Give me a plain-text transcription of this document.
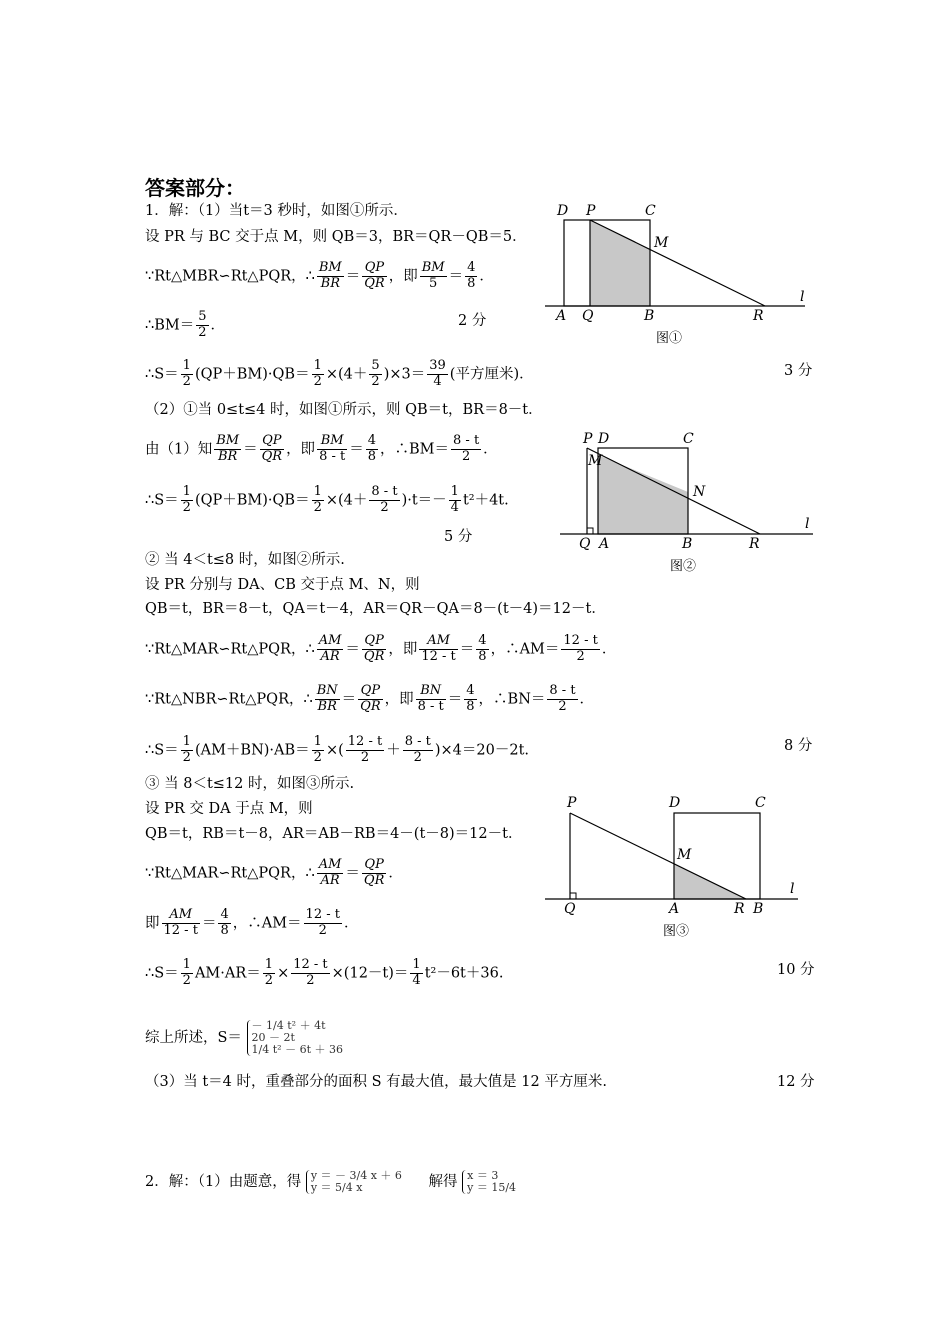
答案部分：
1．解：（1）当t＝3 秒时，如图①所示．
设 PR 与 BC 交于点 M，则 QB＝3，BR＝QR－QB＝5．
∵Rt△MBR∽Rt△PQR，∴ $\frac{BM}{BR} = \frac{QP}{QR}$ ，即 $\frac{BM}{5} = \frac{4}{8}$ ．
∴BM＝ $\frac{5}{2}$ ．	2 分
∴S＝ $\frac{1}{2} (QP+BM)\cdot QB= \frac{1}{2} \times(4+ \frac{5}{2} )\times 3= \frac{39}{4}$ (平方厘米)．	3 分
（2）①当 0≤t≤4 时，如图①所示，则 QB＝t，BR＝8－t．
由（1）知 $\frac{BM}{BR} = \frac{QP}{QR}$ ，即 $\frac{BM}{8 - t} = \frac{4}{8}$ ，∴BM＝ $\frac{8 - t}{2}$ ．
∴S＝ $\frac{1}{2} (QP+BM)\cdot QB= \frac{1}{2} \times(4+ \frac{8 - t}{2} )\cdot t=- \frac{1}{4} t^2+4t$.
5 分
② 当 4＜t≤8 时，如图②所示.
设 PR 分别与 DA、CB 交于点 M、N，则
QB＝t，BR＝8－t，QA＝t－4，AR＝QR－QA＝8－(t－4)＝12－t．
∵Rt△MAR∽Rt△PQR，∴ $\frac{AM}{AR} = \frac{QP}{QR}$ ，即 $\frac{AM}{12 - t} = \frac{4}{8}$ ，∴AM＝ $\frac{12 - t}{2}$ ．
∵Rt△NBR∽Rt△PQR，∴ $\frac{BN}{BR} = \frac{QP}{QR}$ ，即 $\frac{BN}{8 - t} = \frac{4}{8}$ ，∴BN＝ $\frac{8 - t}{2}$ ．
∴S＝ $\frac{1}{2} (AM+BN)\cdot AB= \frac{1}{2}$ ×( $\frac{12 - t}{2} + \frac{8 - t}{2} )\times 4=20-2t$.	8 分
③ 当 8＜t≤12 时，如图③所示.
设 PR 交 DA 于点 M，则
QB＝t，RB＝t－8，AR＝AB－RB＝4－(t－8)＝12－t．
∵Rt△MAR∽Rt△PQR，∴ $\frac{AM}{AR} = \frac{QP}{QR}$ ．
即 $\frac{AM}{12 - t} = \frac{4}{8}$ ，∴AM＝ $\frac{12 - t}{2}$ ．
∴S＝ $\frac{1}{2} AM\cdot AR= \frac{1}{2} \times \frac{12 - t}{2} \times(12-t)= \frac{1}{4} t^2-6t+36$.	10 分
综上所述，S＝
－ 1/4 t² ＋ 4t
20 － 2t
1/4 t² － 6t ＋ 36
（3）当 t＝4 时，重叠部分的面积 S 有最大值，最大值是 12 平方厘米.	12 分
2．解：（1）由题意，得 y ＝ － 3/4 x ＋ 6
y ＝ 5/4 x	解得 x ＝ 3
y ＝ 15/4
D P	C
M
l
A Q	B	R
图①
P D	C
M
N
l
Q A	B	R
图②
P	D	C
M
l
Q	A	R B
图③
